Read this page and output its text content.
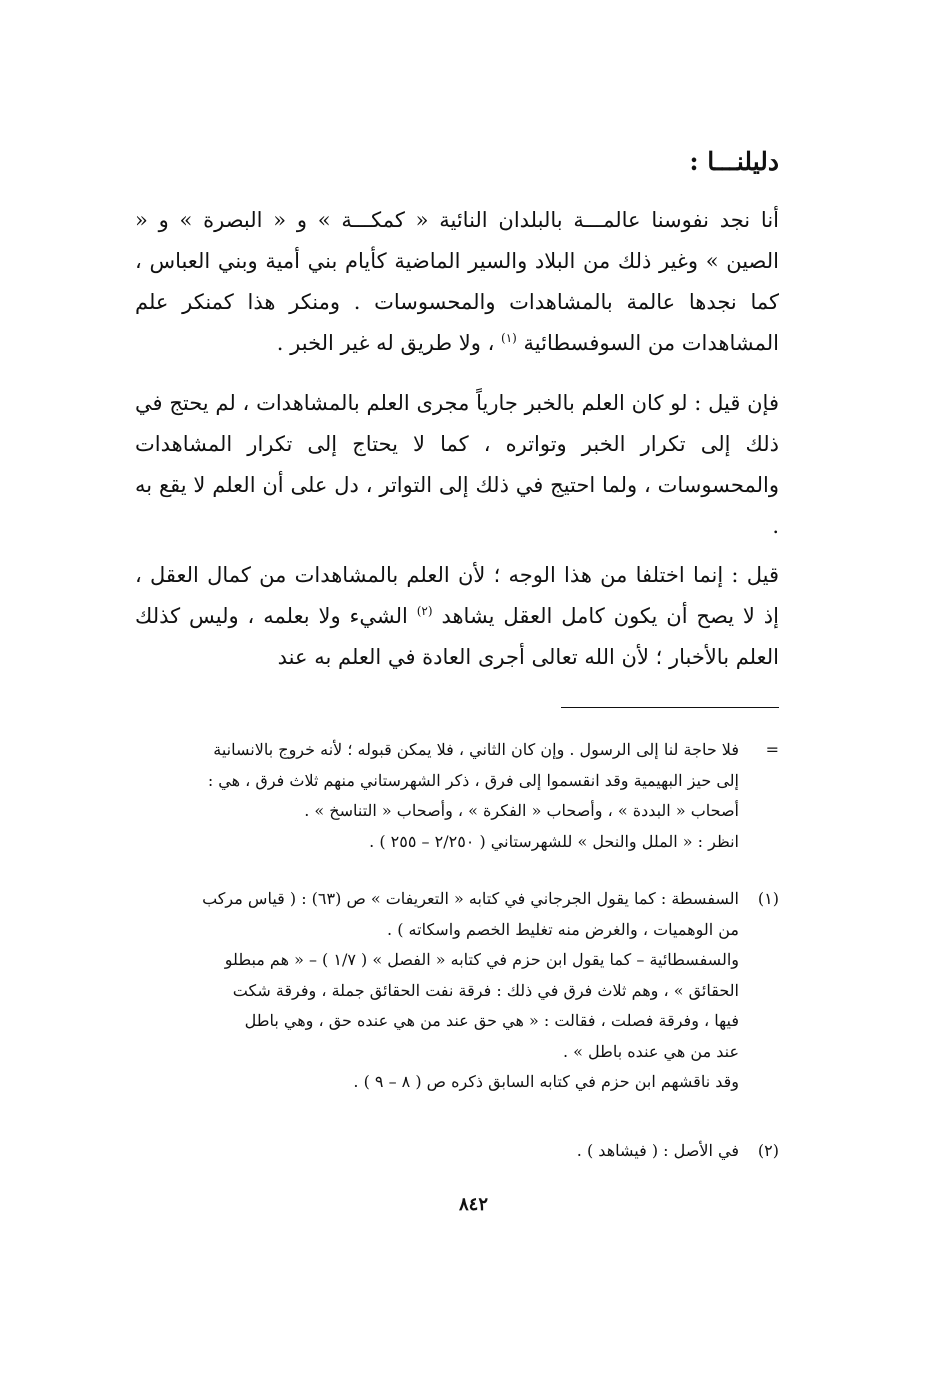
دليلنـــا :
أنا نجد نفوسنا عالمـــة بالبلدان النائية « كمكـــة » و « البصرة » و « الصين » وغير ذلك من البلاد والسير الماضية كأيام بني أمية وبني العباس ، كما نجدها عالمة بالمشاهدات والمحسوسات . ومنكر هذا كمنكر علم المشاهدات من السوفسطائية $^{(١)}$ ، ولا طريق له غير الخبر .
فإن قيل : لو كان العلم بالخبر جارياً مجرى العلم بالمشاهدات ، لم يحتج في ذلك إلى تكرار الخبر وتواتره ، كما لا يحتاج إلى تكرار المشاهدات والمحسوسات ، ولما احتيج في ذلك إلى التواتر ، دل على أن العلم لا يقع به .
قيل : إنما اختلفا من هذا الوجه ؛ لأن العلم بالمشاهدات من كمال العقل ، إذ لا يصح أن يكون كامل العقل يشاهد $^{(٢)}$ الشيء ولا بعلمه ، وليس كذلك العلم بالأخبار ؛ لأن الله تعالى أجرى العادة في العلم به عند
=
فلا حاجة لنا إلى الرسول . وإن كان الثاني ، فلا يمكن قبوله ؛ لأنه خروج بالانسانية
إلى حيز البهيمية وقد انقسموا إلى فرق ، ذكر الشهرستاني منهم ثلاث فرق ، هي :
أصحاب « البددة » ، وأصحاب « الفكرة » ، وأصحاب « التناسخ » .
انظر : « الملل والنحل » للشهرستاني ( ٢/٢٥٠ – ٢٥٥ ) .
(١)
السفسطة : كما يقول الجرجاني في كتابه « التعريفات » ص (٦٣) : ( قياس مركب
من الوهميات ، والغرض منه تغليط الخصم واسكاته ) .
والسفسطائية – كما يقول ابن حزم في كتابه « الفصل » ( ١/٧ ) – « هم مبطلو
الحقائق » ، وهم ثلاث فرق في ذلك : فرقة نفت الحقائق جملة ، وفرقة شكت
فيها ، وفرقة فصلت ، فقالت : « هي حق عند من هي عنده حق ، وهي باطل
عند من هي عنده باطل » .
وقد ناقشهم ابن حزم في كتابه السابق ذكره ص ( ٨ – ٩ ) .
(٢)
في الأصل : ( فيشاهد ) .
٨٤٢
